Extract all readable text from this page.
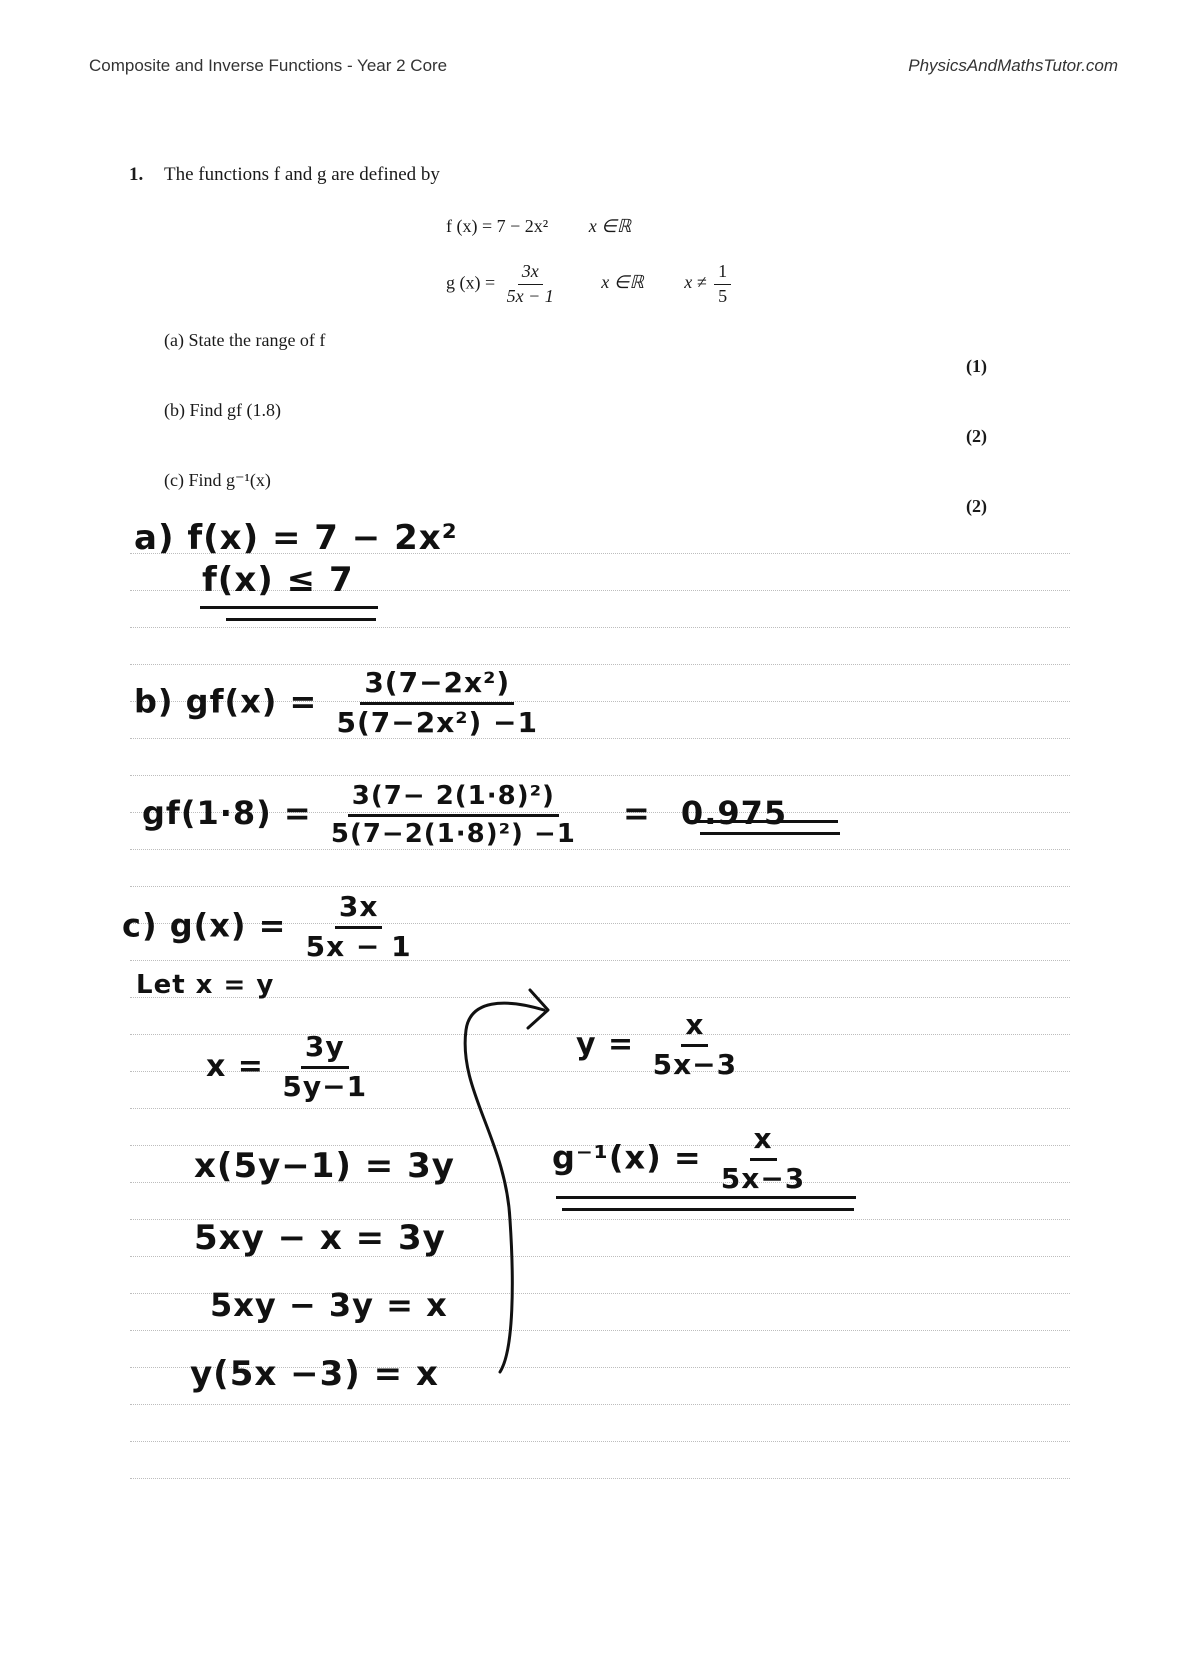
Composite and Inverse Functions - Year 2 Core	PhysicsAndMathsTutor.com
1. The functions f and g are defined by
f (x) = 7 − 2x² x ∈ℝ
g $(x) = \frac{3x}{5x - 1}$ x ∈ℝ $x \ne \frac{1}{5}$
(a) State the range of f
(1)
(b) Find gf (1.8)
(2)
(c) Find g⁻¹(x)
(2)
a) f(x) = 7 − 2x²
f(x) ≤ 7
b) $gf(x) = \frac{\text{3(7−2x²)}}{\text{5(7−2x²) −1}}$
$gf(1\cdot 8) = \frac{\text{3(7− 2(1·8)²)}}{\text{5(7−2(1·8)²) −1}} = 0.975$
c) $g(x) = \frac{3x}{5x - 1}$
Let x = y
$x = \frac{3y}{5y-1}$
x(5y−1) = 3y
5xy − x = 3y
5xy − 3y = x
y(5x −3) = x
$y = \frac{x}{5x-3}$
$g^{-1}(x) = \frac{x}{5x-3}$
